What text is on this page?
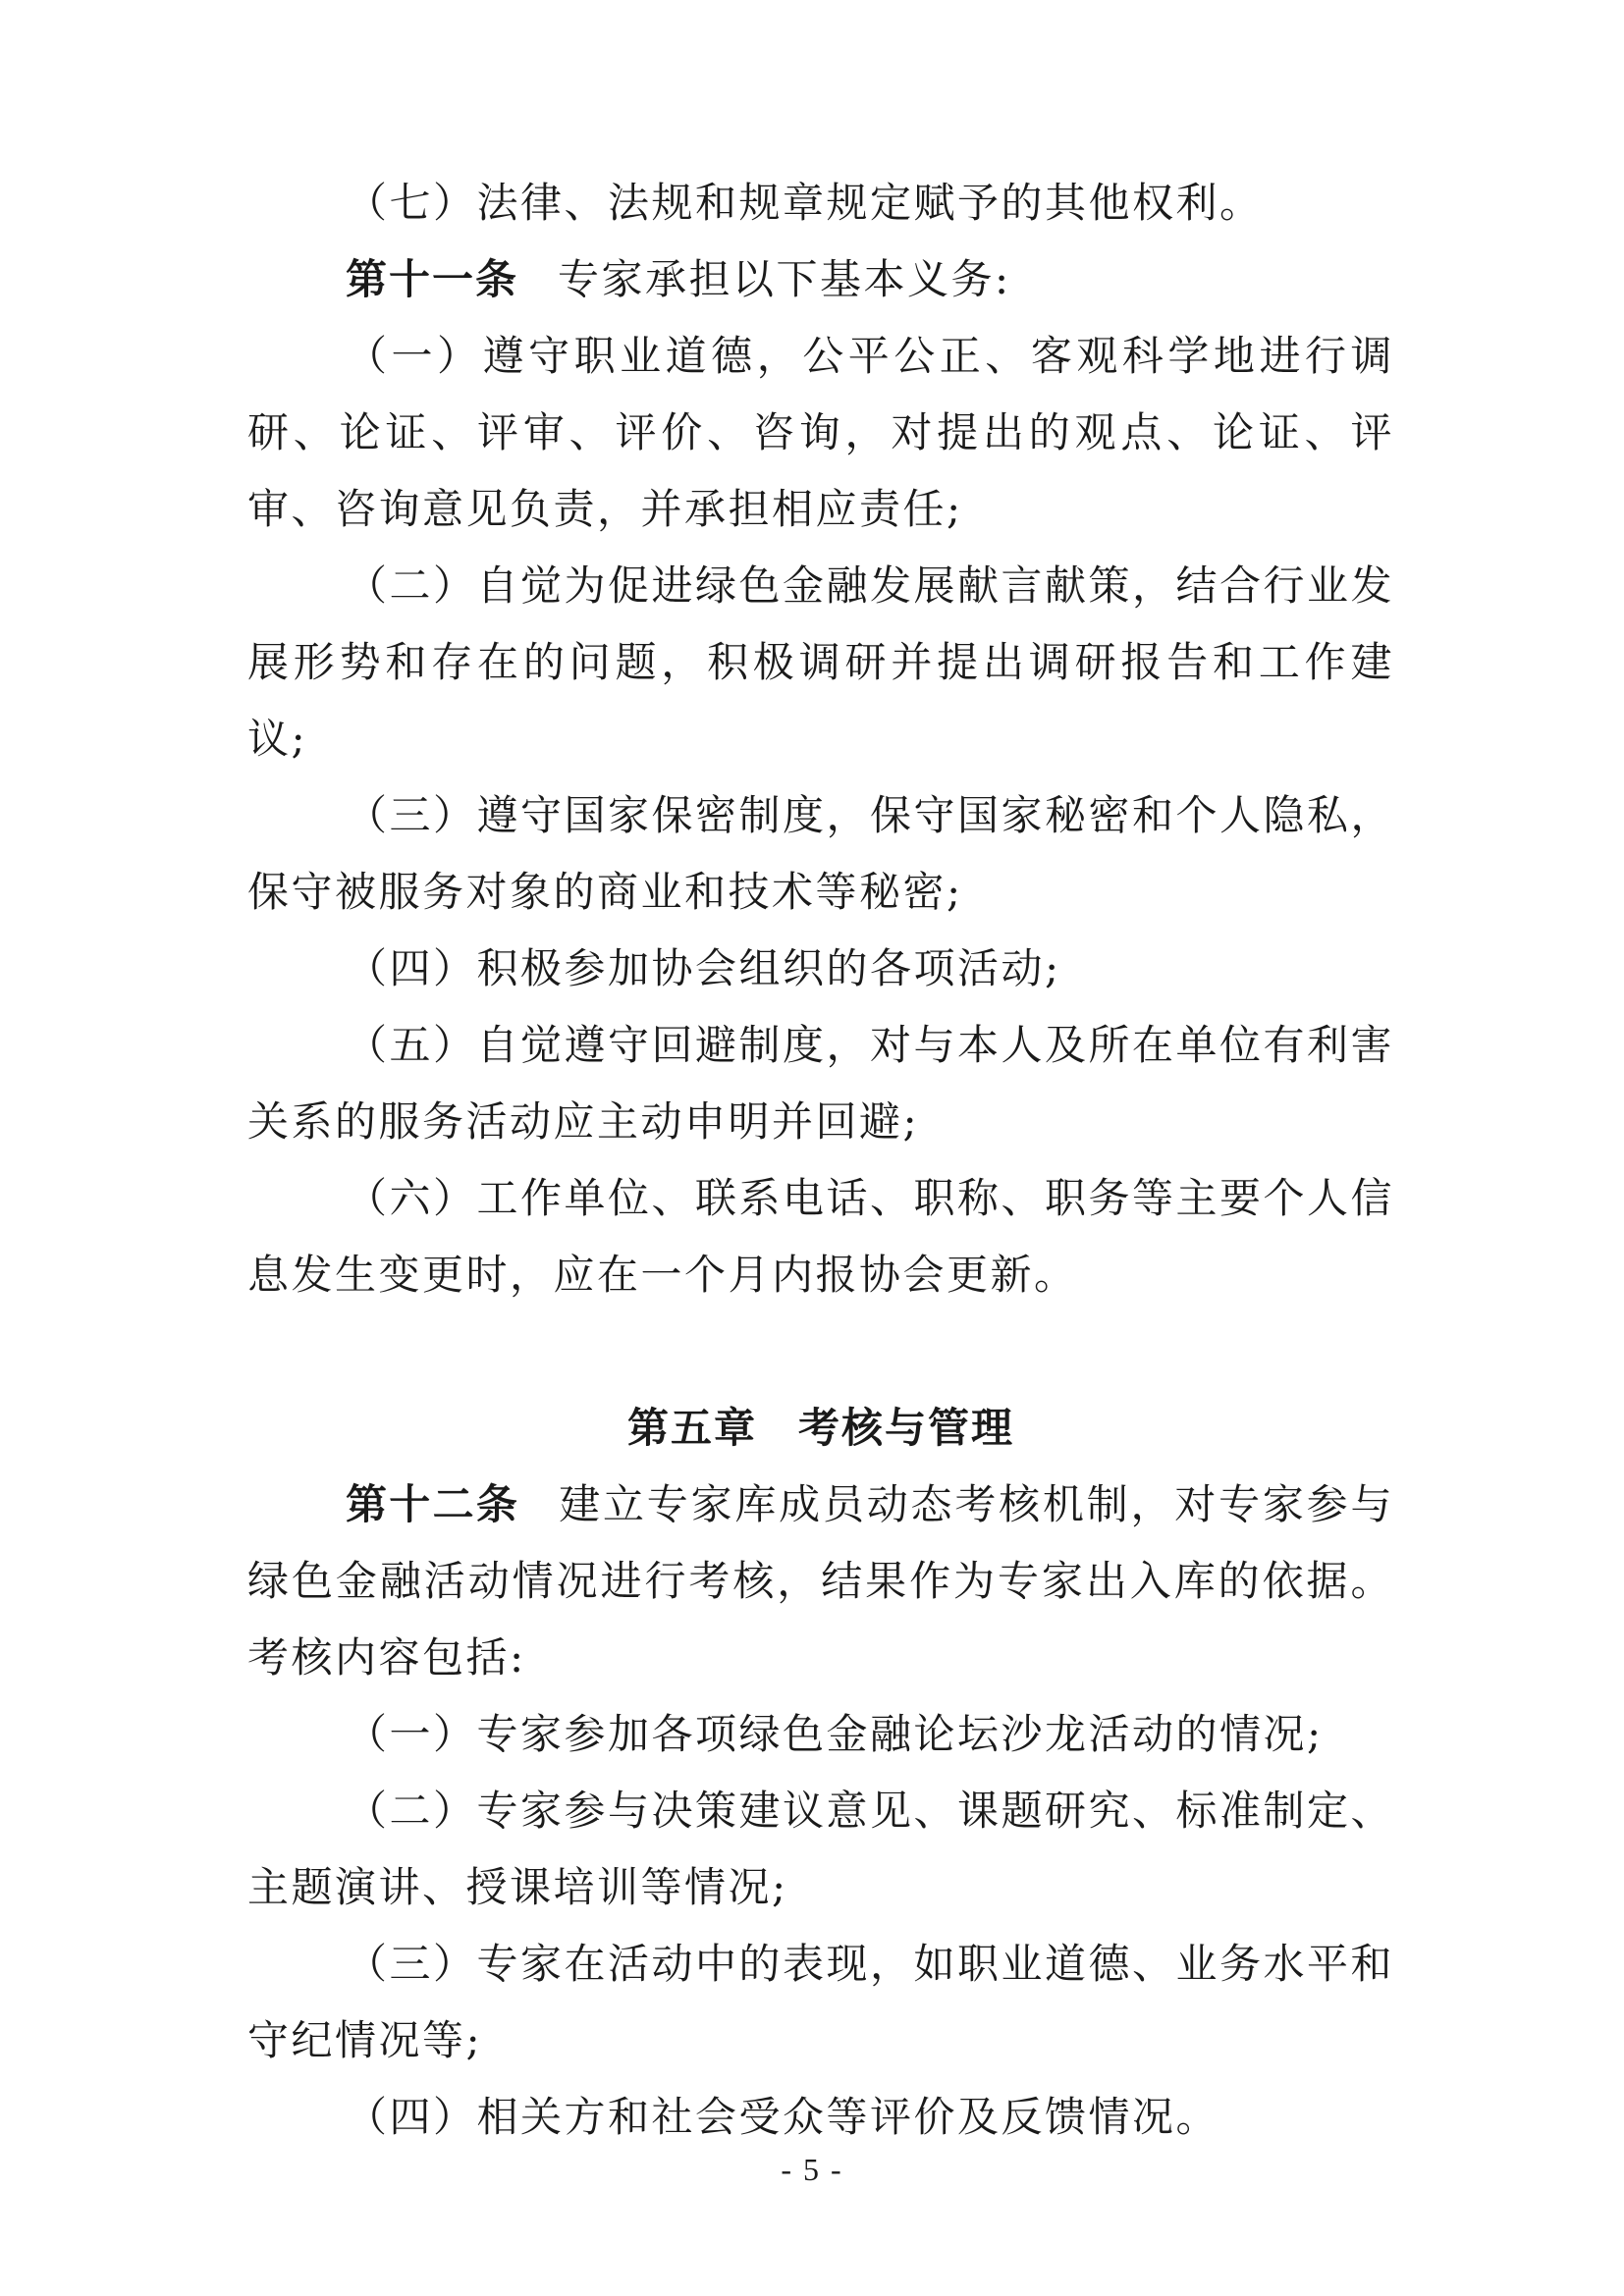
（七）法律、法规和规章规定赋予的其他权利。

第十一条 专家承担以下基本义务:

（一）遵守职业道德，公平公正、客观科学地进行调研、论证、评审、评价、咨询，对提出的观点、论证、评审、咨询意见负责，并承担相应责任;

（二）自觉为促进绿色金融发展献言献策，结合行业发展形势和存在的问题，积极调研并提出调研报告和工作建议;

（三）遵守国家保密制度，保守国家秘密和个人隐私，保守被服务对象的商业和技术等秘密;

（四）积极参加协会组织的各项活动;

（五）自觉遵守回避制度，对与本人及所在单位有利害关系的服务活动应主动申明并回避;

（六）工作单位、联系电话、职称、职务等主要个人信息发生变更时，应在一个月内报协会更新。

第五章 考核与管理

第十二条 建立专家库成员动态考核机制，对专家参与绿色金融活动情况进行考核，结果作为专家出入库的依据。考核内容包括:

（一）专家参加各项绿色金融论坛沙龙活动的情况;

（二）专家参与决策建议意见、课题研究、标准制定、主题演讲、授课培训等情况;

（三）专家在活动中的表现，如职业道德、业务水平和守纪情况等;

（四）相关方和社会受众等评价及反馈情况。

- 5 -
